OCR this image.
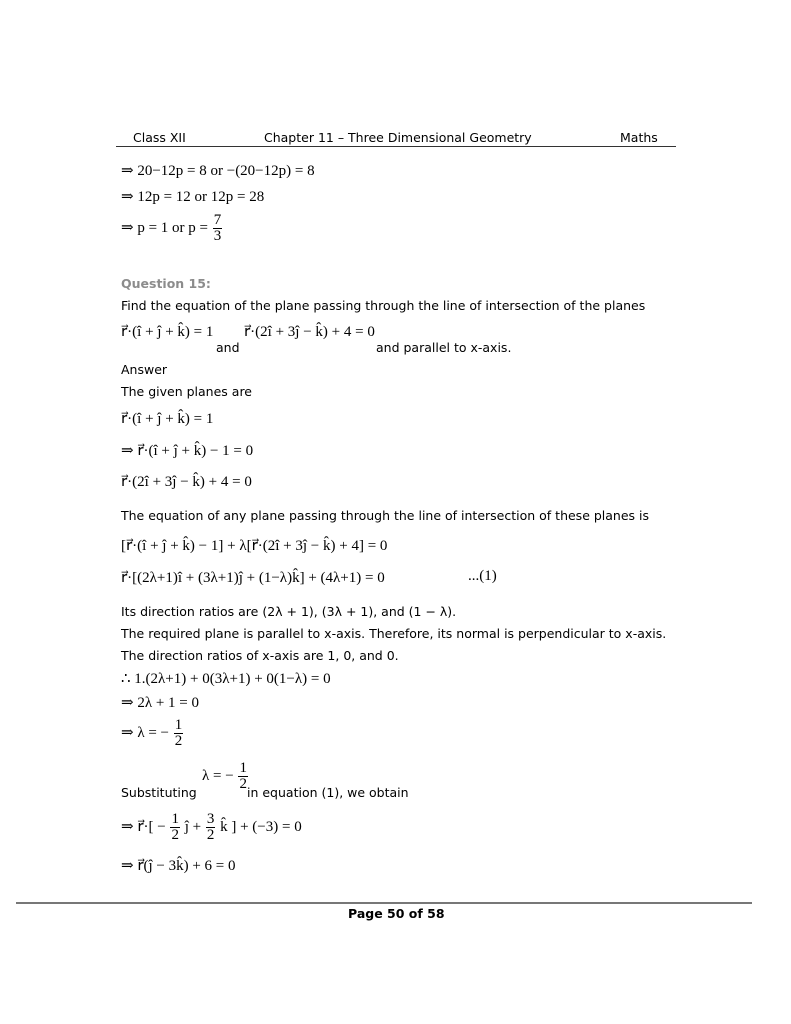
Class XII	Chapter 11 – Three Dimensional Geometry	Maths
⇒ 20−12p = 8 or −(20−12p) = 8
⇒ 12p = 12 or 12p = 28
⇒ p = 1 or $p = \frac{7}{3}$
Question 15:
Find the equation of the plane passing through the line of intersection of the planes
r⃗·(î + ĵ + k̂) = 1
and
r⃗·(2î + 3ĵ − k̂) + 4 = 0
and parallel to x-axis.
Answer
The given planes are
r⃗·(î + ĵ + k̂) = 1
⇒ r⃗·(î + ĵ + k̂) − 1 = 0
r⃗·(2î + 3ĵ − k̂) + 4 = 0
The equation of any plane passing through the line of intersection of these planes is
[r⃗·(î + ĵ + k̂) − 1] + λ[r⃗·(2î + 3ĵ − k̂) + 4] = 0
r⃗·[(2λ+1)î + (3λ+1)ĵ + (1−λ)k̂] + (4λ+1) = 0	...(1)
Its direction ratios are (2λ + 1), (3λ + 1), and (1 − λ).
The required plane is parallel to x-axis. Therefore, its normal is perpendicular to x-axis.
The direction ratios of x-axis are 1, 0, and 0.
∴ 1.(2λ+1) + 0(3λ+1) + 0(1−λ) = 0
⇒ 2λ + 1 = 0
⇒ λ = − $\frac{1}{2}$
Substituting
λ = − $\frac{1}{2}$
in equation (1), we obtain
⇒ r⃗·[ − $\frac{1}{2}$ ĵ + $\frac{3}{2}$ k̂ ] + (−3) = 0
⇒ r⃗(ĵ − 3k̂) + 6 = 0
Page 50 of 58
